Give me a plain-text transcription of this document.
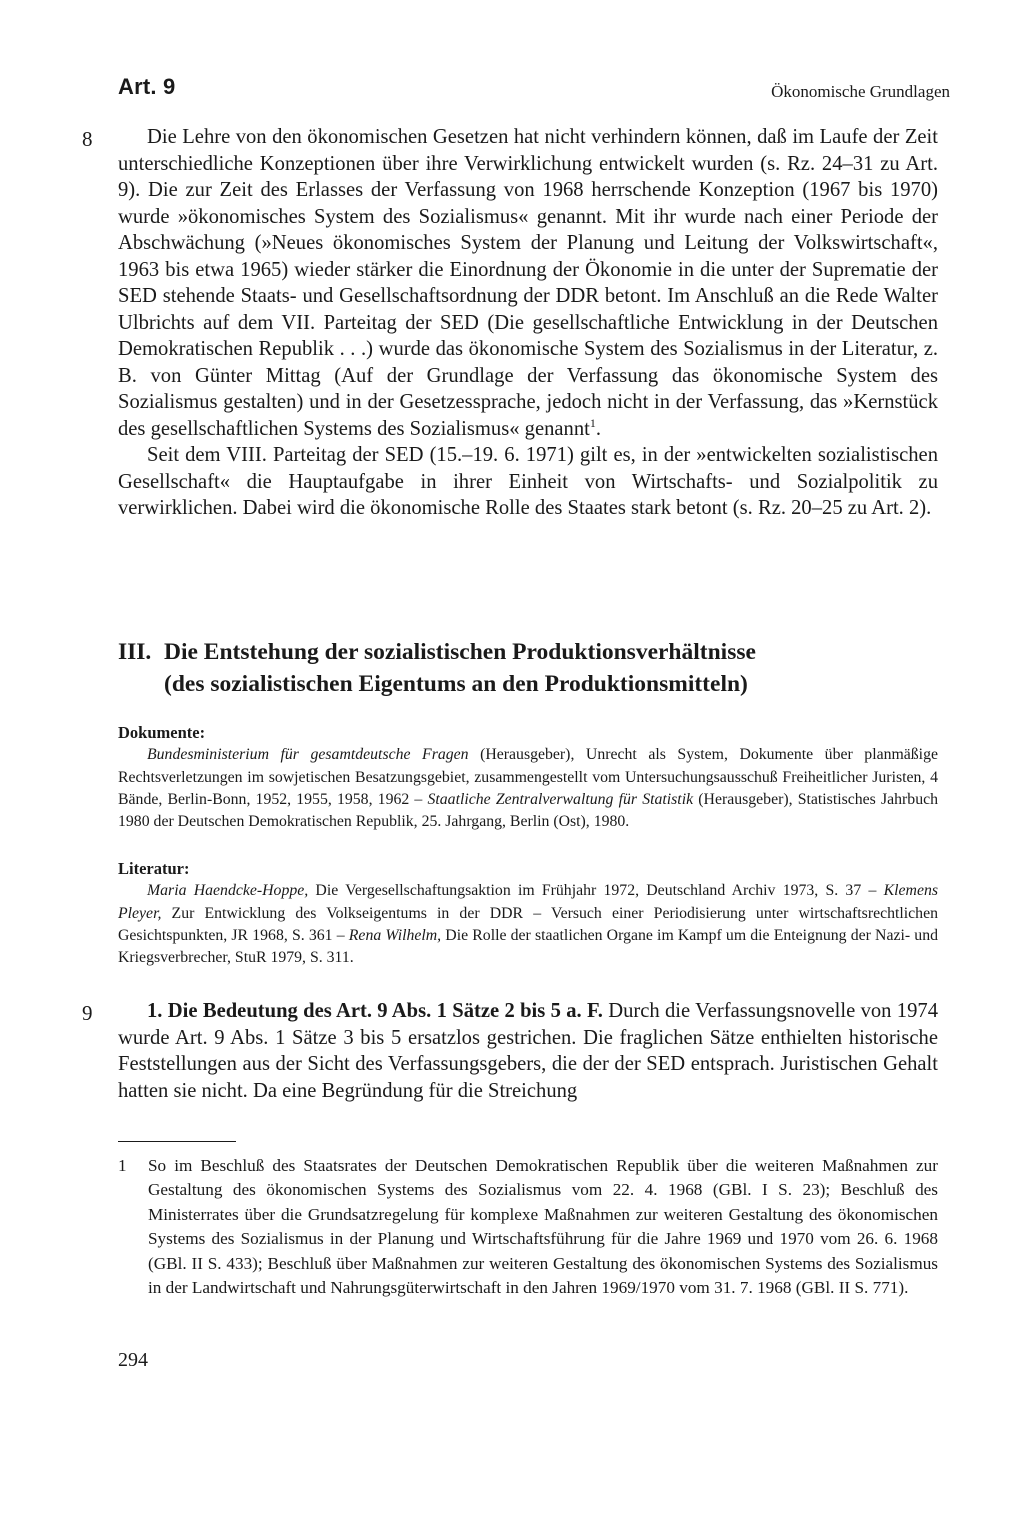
Art. 9	Ökonomische Grundlagen
8	Die Lehre von den ökonomischen Gesetzen hat nicht verhindern können, daß im Laufe der Zeit unterschiedliche Konzeptionen über ihre Verwirklichung entwickelt wurden (s. Rz. 24–31 zu Art. 9). Die zur Zeit des Erlasses der Verfassung von 1968 herrschende Konzeption (1967 bis 1970) wurde »ökonomisches System des Sozialismus« genannt. Mit ihr wurde nach einer Periode der Abschwächung (»Neues ökonomisches System der Planung und Leitung der Volkswirtschaft«, 1963 bis etwa 1965) wieder stärker die Einordnung der Ökonomie in die unter der Suprematie der SED stehende Staats- und Gesellschaftsordnung der DDR betont. Im Anschluß an die Rede Walter Ulbrichts auf dem VII. Parteitag der SED (Die gesellschaftliche Entwicklung in der Deutschen Demokratischen Republik . . .) wurde das ökonomische System des Sozialismus in der Literatur, z. B. von Günter Mittag (Auf der Grundlage der Verfassung das ökonomische System des Sozialismus gestalten) und in der Gesetzessprache, jedoch nicht in der Verfassung, das »Kernstück des gesellschaftlichen Systems des Sozialismus« genannt$^1$.

Seit dem VIII. Parteitag der SED (15.–19. 6. 1971) gilt es, in der »entwickelten sozialistischen Gesellschaft« die Hauptaufgabe in ihrer Einheit von Wirtschafts- und Sozialpolitik zu verwirklichen. Dabei wird die ökonomische Rolle des Staates stark betont (s. Rz. 20–25 zu Art. 2).

III. Die Entstehung der sozialistischen Produktionsverhältnisse
(des sozialistischen Eigentums an den Produktionsmitteln)
Dokumente:
Bundesministerium für gesamtdeutsche Fragen (Herausgeber), Unrecht als System, Dokumente über planmäßige Rechtsverletzungen im sowjetischen Besatzungsgebiet, zusammengestellt vom Untersuchungsausschuß Freiheitlicher Juristen, 4 Bände, Berlin-Bonn, 1952, 1955, 1958, 1962 – Staatliche Zentralverwaltung für Statistik (Herausgeber), Statistisches Jahrbuch 1980 der Deutschen Demokratischen Republik, 25. Jahrgang, Berlin (Ost), 1980.
Literatur:
Maria Haendcke-Hoppe, Die Vergesellschaftungsaktion im Frühjahr 1972, Deutschland Archiv 1973, S. 37 – Klemens Pleyer, Zur Entwicklung des Volkseigentums in der DDR – Versuch einer Periodisierung unter wirtschaftsrechtlichen Gesichtspunkten, JR 1968, S. 361 – Rena Wilhelm, Die Rolle der staatlichen Organe im Kampf um die Enteignung der Nazi- und Kriegsverbrecher, StuR 1979, S. 311.
9	1. Die Bedeutung des Art. 9 Abs. 1 Sätze 2 bis 5 a. F. Durch die Verfassungsnovelle von 1974 wurde Art. 9 Abs. 1 Sätze 3 bis 5 ersatzlos gestrichen. Die fraglichen Sätze enthielten historische Feststellungen aus der Sicht des Verfassungsgebers, die der der SED entsprach. Juristischen Gehalt hatten sie nicht. Da eine Begründung für die Streichung

1	So im Beschluß des Staatsrates der Deutschen Demokratischen Republik über die weiteren Maßnahmen zur Gestaltung des ökonomischen Systems des Sozialismus vom 22. 4. 1968 (GBl. I S. 23); Beschluß des Ministerrates über die Grundsatzregelung für komplexe Maßnahmen zur weiteren Gestaltung des ökonomischen Systems des Sozialismus in der Planung und Wirtschaftsführung für die Jahre 1969 und 1970 vom 26. 6. 1968 (GBl. II S. 433); Beschluß über Maßnahmen zur weiteren Gestaltung des ökonomischen Systems des Sozialismus in der Landwirtschaft und Nahrungsgüterwirtschaft in den Jahren 1969/1970 vom 31. 7. 1968 (GBl. II S. 771).
294
